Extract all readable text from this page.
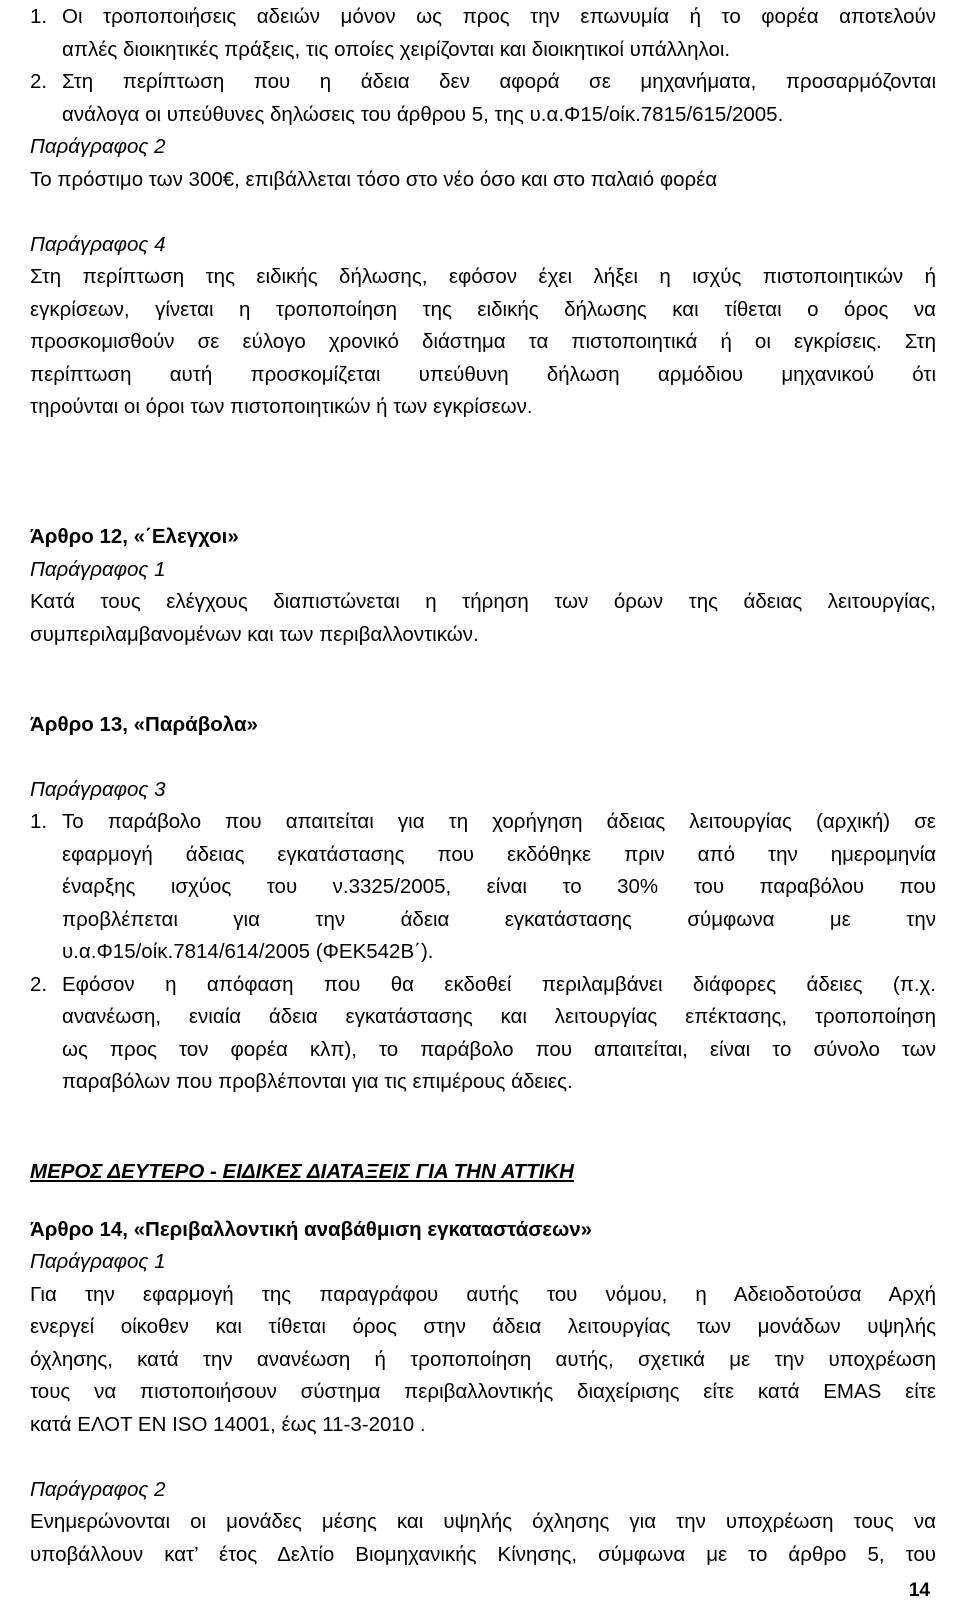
1. Οι τροποποιήσεις αδειών μόνον ως προς την επωνυμία ή το φορέα αποτελούν
απλές διοικητικές πράξεις, τις οποίες χειρίζονται και διοικητικοί υπάλληλοι.
2. Στη περίπτωση που η άδεια δεν αφορά σε μηχανήματα, προσαρμόζονται
ανάλογα οι υπεύθυνες δηλώσεις του άρθρου 5, της υ.α.Φ15/οίκ.7815/615/2005.
Παράγραφος 2
Το πρόστιμο των 300€, επιβάλλεται τόσο στο νέο όσο και στο παλαιό φορέα
Παράγραφος 4
Στη περίπτωση της ειδικής δήλωσης, εφόσον έχει λήξει η ισχύς πιστοποιητικών ή
εγκρίσεων, γίνεται η τροποποίηση της ειδικής δήλωσης και τίθεται ο όρος να
προσκομισθούν σε εύλογο χρονικό διάστημα τα πιστοποιητικά ή οι εγκρίσεις. Στη
περίπτωση αυτή προσκομίζεται υπεύθυνη δήλωση αρμόδιου μηχανικού ότι
τηρούνται οι όροι των πιστοποιητικών ή των εγκρίσεων.
Άρθρο 12, «΄Ελεγχοι»
Παράγραφος 1
Κατά τους ελέγχους διαπιστώνεται η τήρηση των όρων της άδειας λειτουργίας,
συμπεριλαμβανομένων και των περιβαλλοντικών.
Άρθρο 13, «Παράβολα»
Παράγραφος 3
1. Το παράβολο που απαιτείται για τη χορήγηση άδειας λειτουργίας (αρχική) σε
εφαρμογή άδειας εγκατάστασης που εκδόθηκε πριν από την ημερομηνία
έναρξης ισχύος του ν.3325/2005, είναι το 30% του παραβόλου που
προβλέπεται για την άδεια εγκατάστασης σύμφωνα με την
υ.α.Φ15/οίκ.7814/614/2005 (ΦΕΚ542Β΄).
2. Εφόσον η απόφαση που θα εκδοθεί περιλαμβάνει διάφορες άδειες (π.χ.
ανανέωση, ενιαία άδεια εγκατάστασης και λειτουργίας επέκτασης, τροποποίηση
ως προς τον φορέα κλπ), το παράβολο που απαιτείται, είναι το σύνολο των
παραβόλων που προβλέπονται για τις επιμέρους άδειες.
ΜΕΡΟΣ ΔΕΥΤΕΡΟ - ΕΙΔΙΚΕΣ ΔΙΑΤΑΞΕΙΣ ΓΙΑ ΤΗΝ ΑΤΤΙΚΗ
Άρθρο 14, «Περιβαλλοντική αναβάθμιση εγκαταστάσεων»
Παράγραφος 1
Για την εφαρμογή της παραγράφου αυτής του νόμου, η Αδειοδοτούσα Αρχή
ενεργεί οίκοθεν και τίθεται όρος στην άδεια λειτουργίας των μονάδων υψηλής
όχλησης, κατά την ανανέωση ή τροποποίηση αυτής, σχετικά με την υποχρέωση
τους να πιστοποιήσουν σύστημα περιβαλλοντικής διαχείρισης είτε κατά EMAS είτε
κατά ΕΛΟΤ ΕΝ ISO 14001, έως 11-3-2010 .
Παράγραφος 2
Ενημερώνονται οι μονάδες μέσης και υψηλής όχλησης για την υποχρέωση τους να
υποβάλλουν κατ’ έτος Δελτίο Βιομηχανικής Κίνησης, σύμφωνα με το άρθρο 5, του
14
